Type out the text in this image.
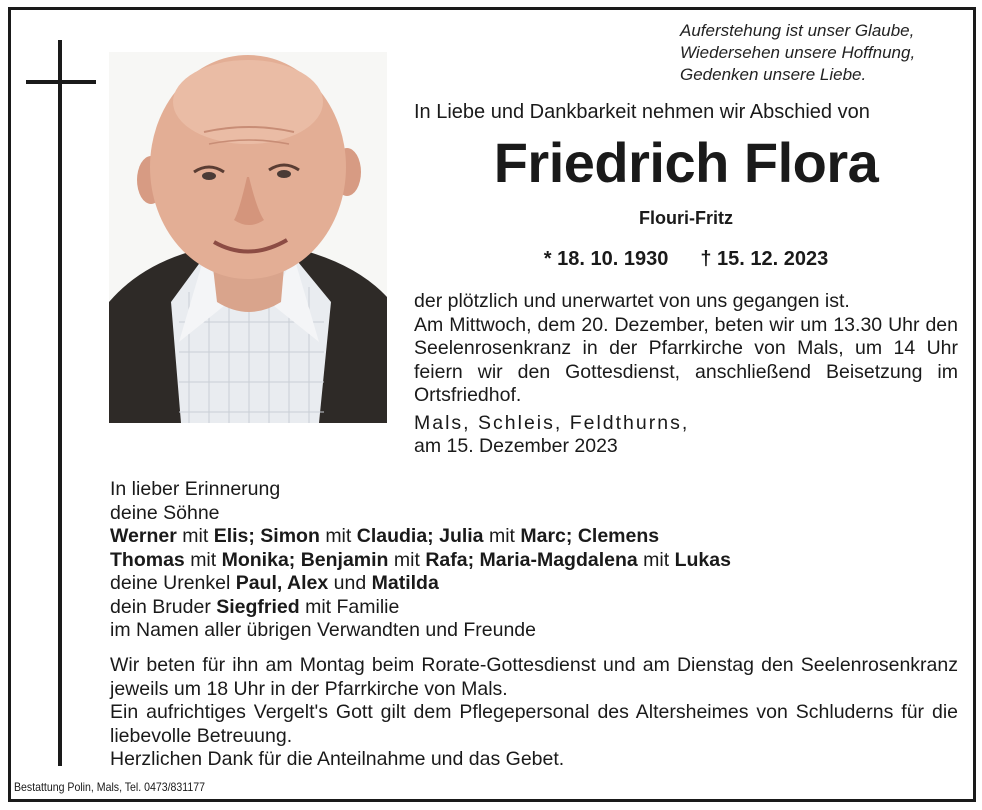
Auferstehung ist unser Glaube,
Wiedersehen unsere Hoffnung,
Gedenken unsere Liebe.
In Liebe und Dankbarkeit nehmen wir Abschied von
Friedrich Flora
Flouri-Fritz
* 18. 10. 1930 † 15. 12. 2023

der plötzlich und unerwartet von uns gegangen ist.

Am Mittwoch, dem 20. Dezember, beten wir um 13.30 Uhr den Seelenrosenkranz in der Pfarrkirche von Mals, um 14 Uhr feiern wir den Gottesdienst, anschließend Beisetzung im Ortsfriedhof.

Mals, Schleis, Feldthurns,

am 15. Dezember 2023

In lieber Erinnerung

deine Söhne

Werner mit Elis; Simon mit Claudia; Julia mit Marc; Clemens

Thomas mit Monika; Benjamin mit Rafa; Maria-Magdalena mit Lukas

deine Urenkel Paul, Alex und Matilda

dein Bruder Siegfried mit Familie

im Namen aller übrigen Verwandten und Freunde

Wir beten für ihn am Montag beim Rorate-Gottesdienst und am Dienstag den Seelenrosenkranz jeweils um 18 Uhr in der Pfarrkirche von Mals.

Ein aufrichtiges Vergelt's Gott gilt dem Pflegepersonal des Altersheimes von Schluderns für die liebevolle Betreuung.

Herzlichen Dank für die Anteilnahme und das Gebet.

Bestattung Polin, Mals, Tel. 0473/831177
